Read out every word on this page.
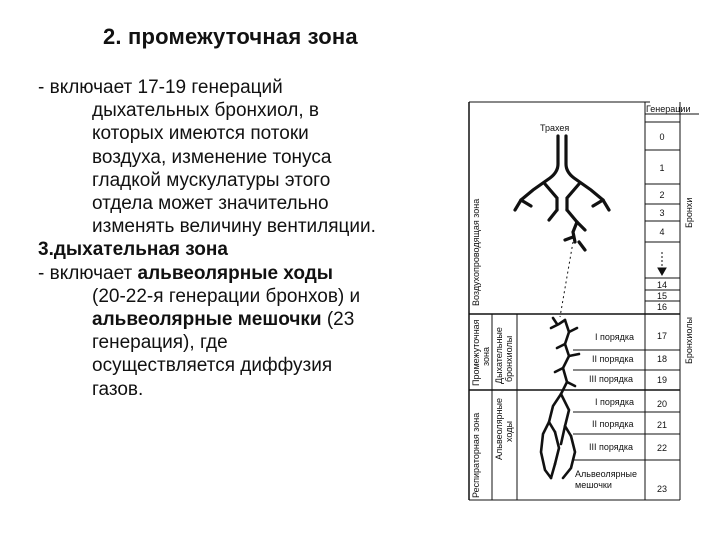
2. промежуточная зона

- включает 17-19 генераций

дыхательных бронхиол, в

которых имеются потоки

воздуха, изменение тонуса

гладкой мускулатуры этого

отдела может значительно

изменять величину вентиляции.

3.дыхательная зона

- включает альвеолярные ходы

(20-22-я генерации бронхов) и

альвеолярные мешочки (23

генерация), где

осуществляется диффузия

газов.

Генерации
Трахея
0
1
2
3
4
14
15
16
17
18
19
20
21
22
23
I порядка
II порядка
III порядка
I порядка
II порядка
III порядка
Альвеолярные
мешочки
Воздухопроводящая зона
Промежуточная зона
Респираторная зона
Дыхательные бронхиолы
Альвеолярные ходы
Бронхи
Бронхиолы
